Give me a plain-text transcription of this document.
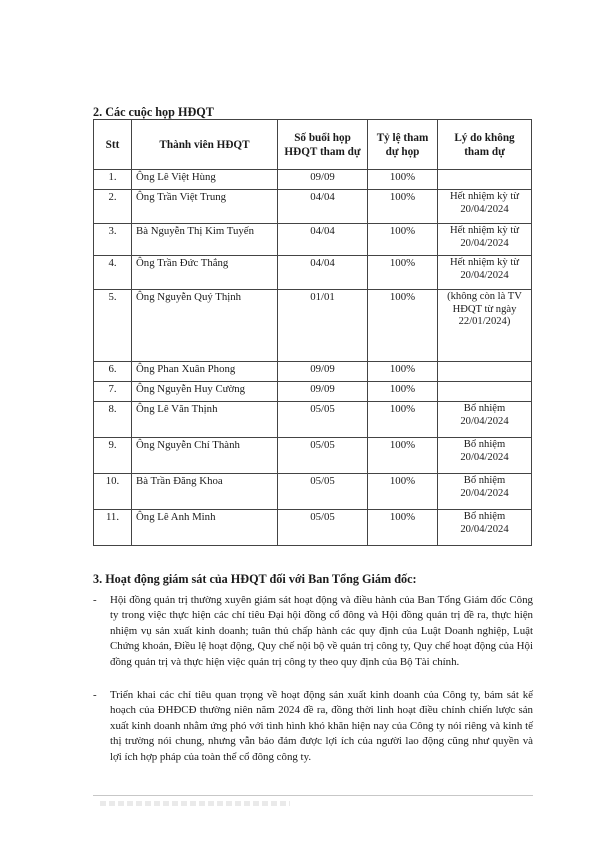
2. Các cuộc họp HĐQT
Stt	Thành viên HĐQT	Số buổi họp HĐQT tham dự	Tỷ lệ tham dự họp	Lý do không tham dự
1.	Ông Lê Việt Hùng	09/09	100%	
2.	Ông Trần Việt Trung	04/04	100%	Hết nhiệm kỳ từ 20/04/2024
3.	Bà Nguyễn Thị Kim Tuyến	04/04	100%	Hết nhiệm kỳ từ 20/04/2024
4.	Ông Trần Đức Thắng	04/04	100%	Hết nhiệm kỳ từ 20/04/2024
5.	Ông Nguyễn Quý Thịnh	01/01	100%	(không còn là TV HĐQT từ ngày 22/01/2024)
6.	Ông Phan Xuân Phong	09/09	100%	
7.	Ông Nguyễn Huy Cường	09/09	100%	
8.	Ông Lê Văn Thịnh	05/05	100%	Bổ nhiệm 20/04/2024
9.	Ông Nguyễn Chí Thành	05/05	100%	Bổ nhiệm 20/04/2024
10.	Bà Trần Đăng Khoa	05/05	100%	Bổ nhiệm 20/04/2024
11.	Ông Lê Anh Minh	05/05	100%	Bổ nhiệm 20/04/2024
3. Hoạt động giám sát của HĐQT đối với Ban Tổng Giám đốc:

-	Hội đồng quản trị thường xuyên giám sát hoạt động và điều hành của Ban Tổng Giám đốc Công ty trong việc thực hiện các chỉ tiêu Đại hội đồng cổ đông và Hội đồng quản trị đề ra, thực hiện nhiệm vụ sản xuất kinh doanh; tuân thủ chấp hành các quy định của Luật Doanh nghiệp, Luật Chứng khoán, Điều lệ hoạt động, Quy chế nội bộ về quản trị công ty, Quy chế hoạt động của Hội đồng quản trị và thực hiện việc quản trị công ty theo quy định của Bộ Tài chính.

-	Triển khai các chỉ tiêu quan trọng về hoạt động sản xuất kinh doanh của Công ty, bám sát kế hoạch của ĐHĐCĐ thường niên năm 2024 đề ra, đồng thời linh hoạt điều chỉnh chiến lược sản xuất kinh doanh nhằm ứng phó với tình hình khó khăn hiện nay của Công ty nói riêng và kinh tế thị trường nói chung, nhưng vẫn bảo đảm được lợi ích của người lao động cũng như quyền và lợi ích hợp pháp của toàn thể cổ đông công ty.
